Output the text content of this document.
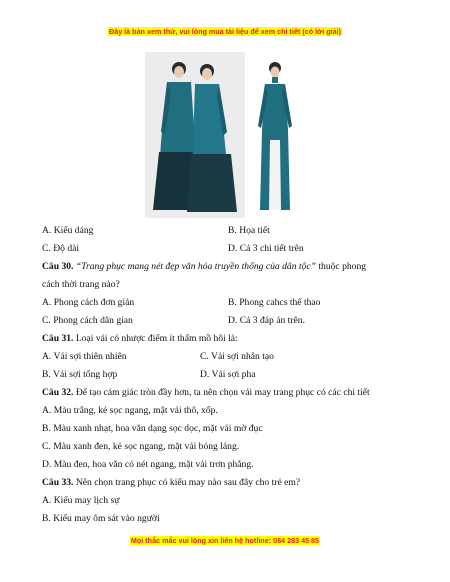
Đây là bản xem thử, vui lòng mua tài liệu để xem chi tiết (có lời giải)
A. Kiểu dáng	B. Họa tiết
C. Độ dài	D. Cả 3 chi tiết trên
Câu 30. “Trang phục mang nét đẹp văn hóa truyền thống của dân tộc” thuộc phong
cách thời trang nào?
A. Phong cách đơn giản	B. Phong cahcs thể thao
C. Phong cách dân gian	D. Cả 3 đáp án trên.
Câu 31. Loại vải có nhược điểm ít thấm mồ hôi là:
A. Vải sợi thiên nhiên	C. Vải sợi nhân tạo
B. Vải sợi tổng hợp	D. Vải sợi pha
Câu 32. Để tạo cảm giác tròn đầy hơn, ta nên chọn vải may trang phục có các chi tiết
A. Màu trắng, kẻ sọc ngang, mặt vải thô, xốp.
B. Màu xanh nhạt, hoa văn dạng sọc dọc, mặt vải mờ đục
C. Màu xanh đen, kẻ sọc ngang, mặt vải bóng láng.
D. Màu đen, hoa văn có nét ngang, mặt vải trơn phẳng.
Câu 33. Nên chọn trang phục có kiểu may nào sau đây cho trẻ em?
A. Kiểu may lịch sự
B. Kiểu may ôm sát vào người
Mọi thắc mắc vui lòng xin liên hệ hotline: 084 283 45 85
